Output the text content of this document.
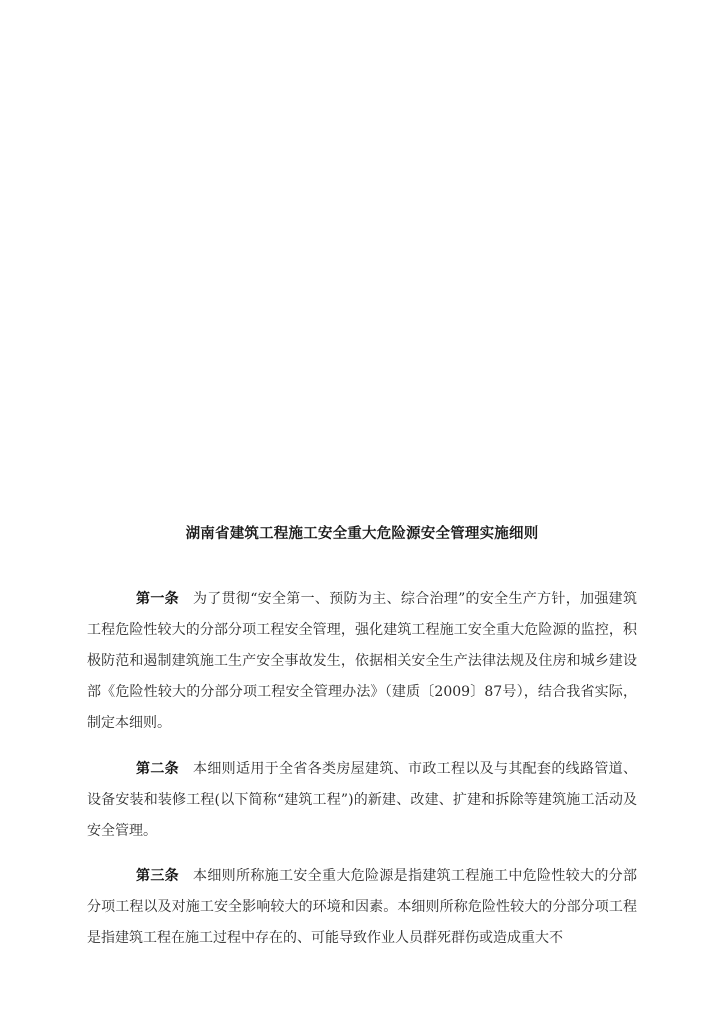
湖南省建筑工程施工安全重大危险源安全管理实施细则

第一条 为了贯彻“安全第一、预防为主、综合治理”的安全生产方针，加强建筑工程危险性较大的分部分项工程安全管理，强化建筑工程施工安全重大危险源的监控，积极防范和遏制建筑施工生产安全事故发生，依据相关安全生产法律法规及住房和城乡建设部《危险性较大的分部分项工程安全管理办法》（建质〔2009〕87号），结合我省实际，制定本细则。

第二条 本细则适用于全省各类房屋建筑、市政工程以及与其配套的线路管道、设备安装和装修工程(以下简称“建筑工程”)的新建、改建、扩建和拆除等建筑施工活动及安全管理。

第三条 本细则所称施工安全重大危险源是指建筑工程施工中危险性较大的分部分项工程以及对施工安全影响较大的环境和因素。本细则所称危险性较大的分部分项工程是指建筑工程在施工过程中存在的、可能导致作业人员群死群伤或造成重大不
